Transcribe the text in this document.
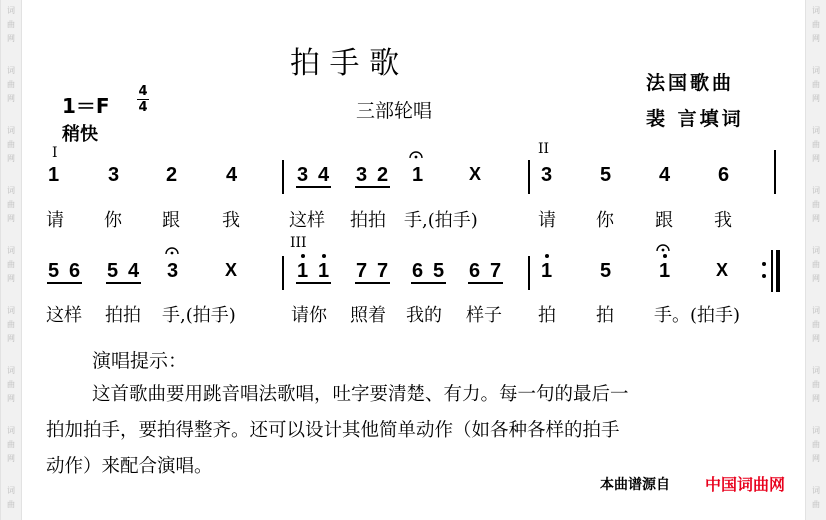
词
曲
网
词
曲
网
词
曲
网
词
曲
网
词
曲
网
词
曲
网
词
曲
网
词
曲
网
词
曲
词
曲
网
词
曲
网
词
曲
网
词
曲
网
词
曲
网
词
曲
网
词
曲
网
词
曲
网
词
曲
拍 手 歌
三部轮唱
法国歌曲
裴 言填词
1＝F
4
4
稍快
I	II
III
1 3 2 4	3 4 3 2 1	X	3 5 4 6
请 你 跟 我	这样 拍拍 手,(拍手)	请 你 跟 我
5 6 5 4 3	X	1 1 7 7 6 5 6 7 1 5 1	X
这样 拍拍 手,(拍手)	请你 照着 我的 样子 拍 拍 手。(拍手)
演唱提示：
这首歌曲要用跳音唱法歌唱，吐字要清楚、有力。每一句的最后一
拍加拍手，要拍得整齐。还可以设计其他简单动作（如各种各样的拍手
动作）来配合演唱。
本曲谱源自 中国词曲网
